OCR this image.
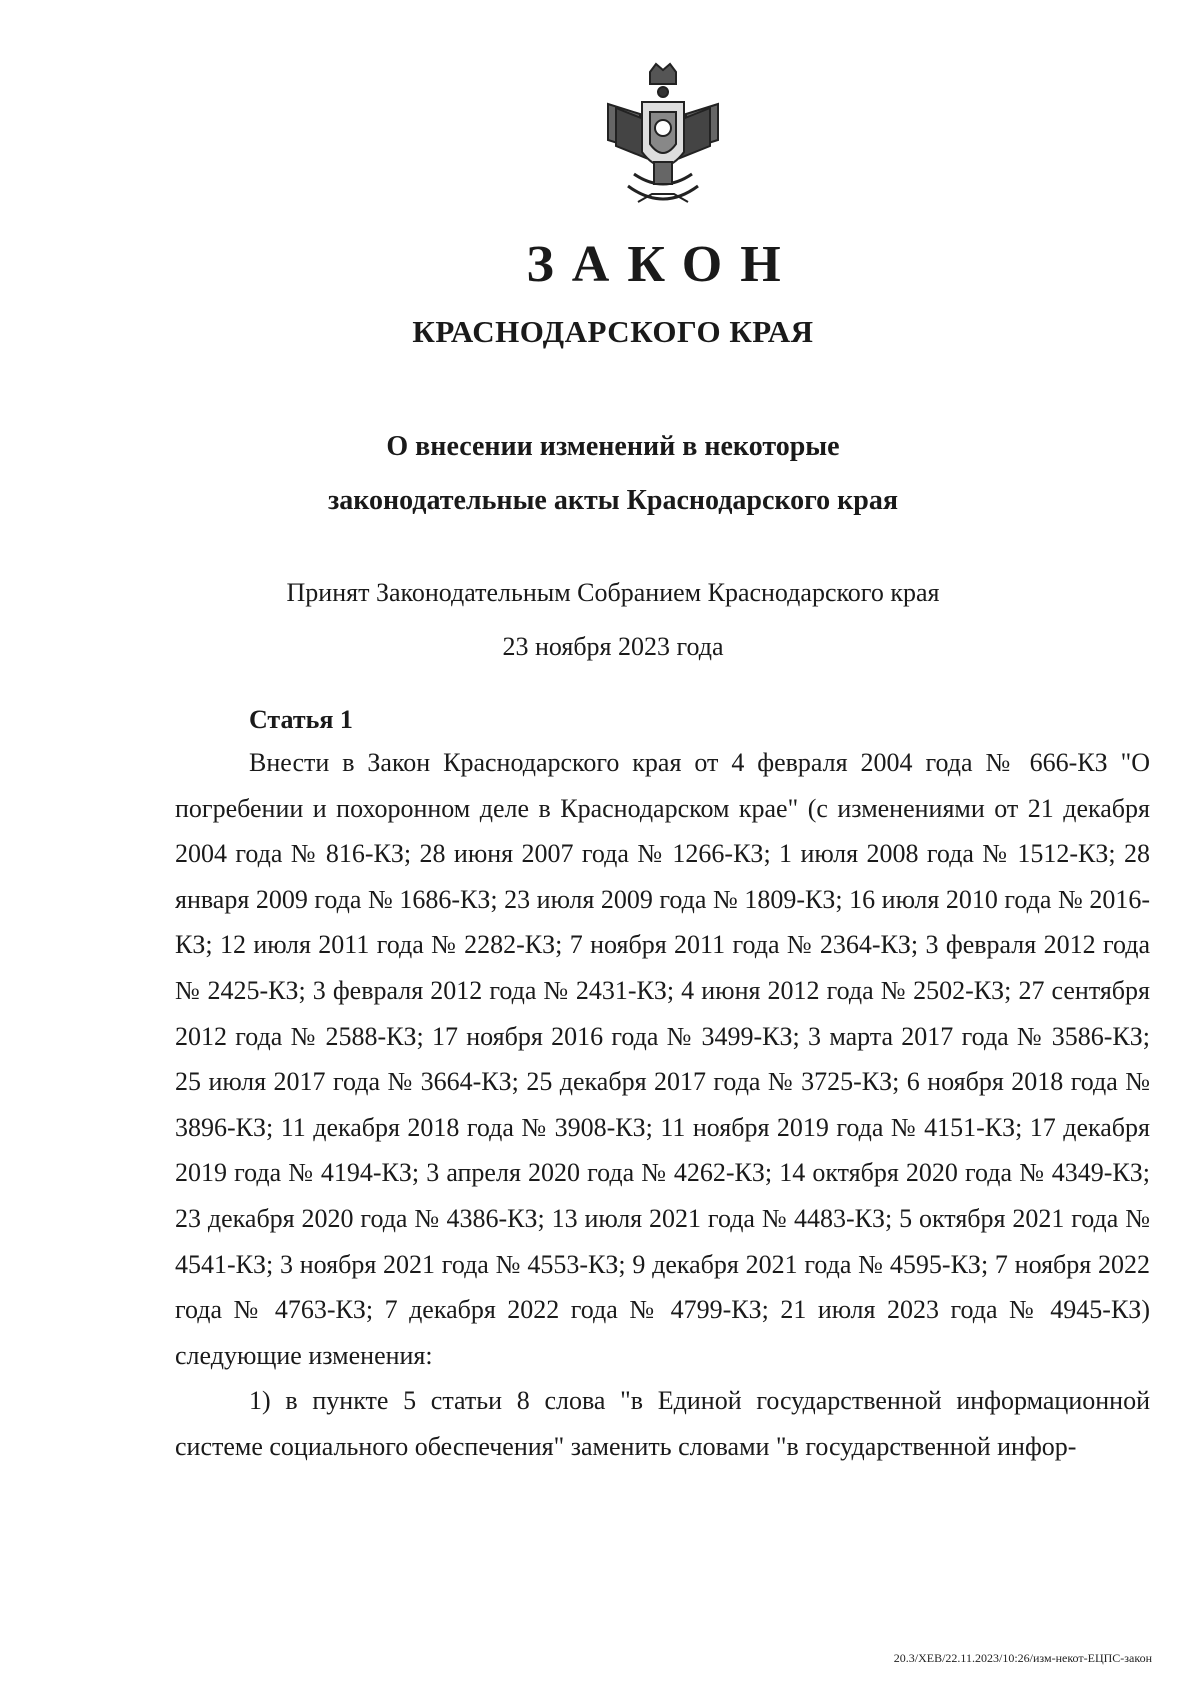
ЗАКОН
КРАСНОДАРСКОГО КРАЯ
О внесении изменений в некоторые
законодательные акты Краснодарского края
Принят Законодательным Собранием Краснодарского края
23 ноября 2023 года
Статья 1

Внести в Закон Краснодарского края от 4 февраля 2004 года № 666-КЗ "О погребении и похоронном деле в Краснодарском крае" (с изменениями от 21 декабря 2004 года № 816-КЗ; 28 июня 2007 года № 1266-КЗ; 1 июля 2008 года № 1512-КЗ; 28 января 2009 года № 1686-КЗ; 23 июля 2009 года № 1809-КЗ; 16 июля 2010 года № 2016-КЗ; 12 июля 2011 года № 2282-КЗ; 7 ноября 2011 года № 2364-КЗ; 3 февраля 2012 года № 2425-КЗ; 3 февраля 2012 года № 2431-КЗ; 4 июня 2012 года № 2502-КЗ; 27 сентября 2012 года № 2588-КЗ; 17 ноября 2016 года № 3499-КЗ; 3 марта 2017 года № 3586-КЗ; 25 июля 2017 года № 3664-КЗ; 25 декабря 2017 года № 3725-КЗ; 6 ноября 2018 года № 3896-КЗ; 11 декабря 2018 года № 3908-КЗ; 11 ноября 2019 года № 4151-КЗ; 17 декабря 2019 года № 4194-КЗ; 3 апреля 2020 года № 4262-КЗ; 14 октября 2020 года № 4349-КЗ; 23 декабря 2020 года № 4386-КЗ; 13 июля 2021 года № 4483-КЗ; 5 октября 2021 года № 4541-КЗ; 3 ноября 2021 года № 4553-КЗ; 9 декабря 2021 года № 4595-КЗ; 7 ноября 2022 года № 4763-КЗ; 7 декабря 2022 года № 4799-КЗ; 21 июля 2023 года № 4945-КЗ) следующие изменения:

1) в пункте 5 статьи 8 слова "в Единой государственной информационной системе социального обеспечения" заменить словами "в государственной инфор-

20.3/ХЕВ/22.11.2023/10:26/изм-некот-ЕЦПС-закон
